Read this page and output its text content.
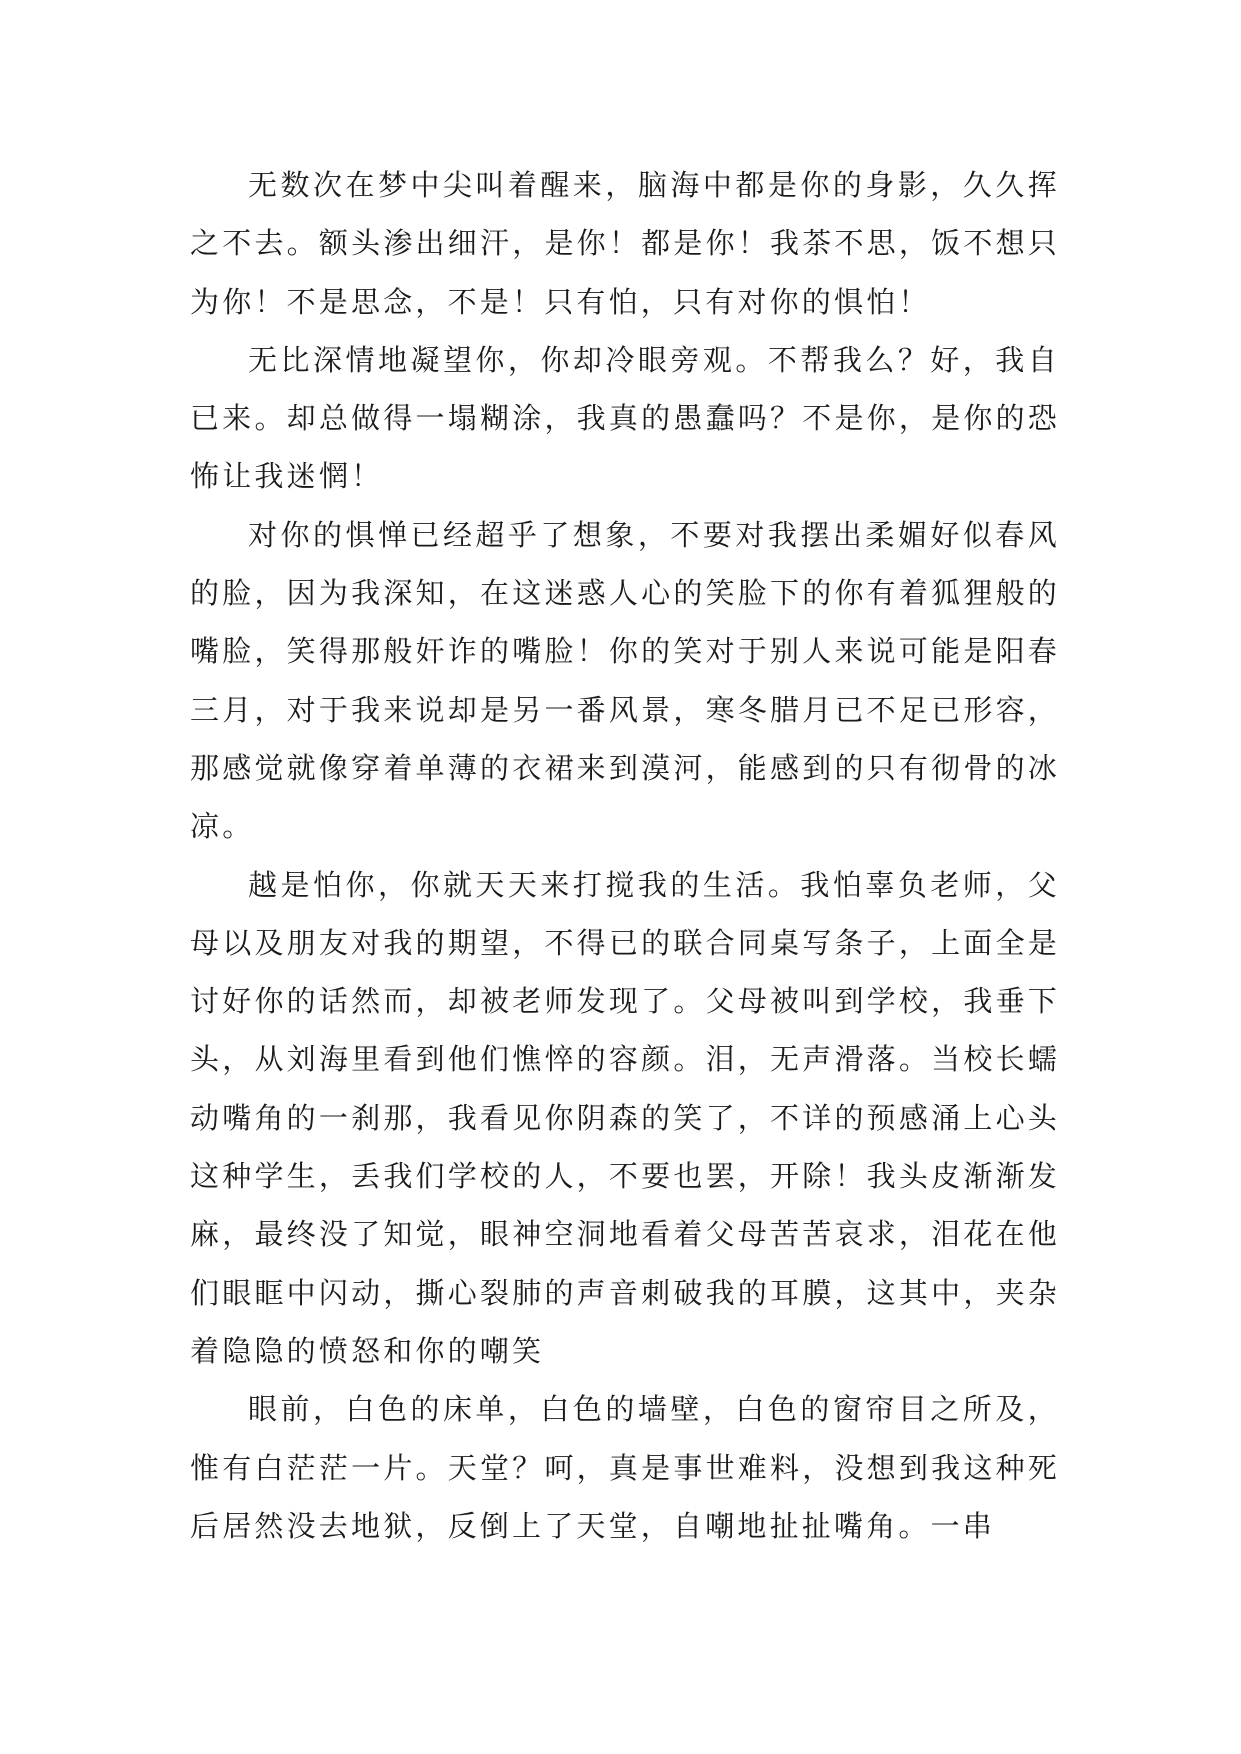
无数次在梦中尖叫着醒来，脑海中都是你的身影，久久挥之不去。额头渗出细汗，是你！都是你！我茶不思，饭不想只为你！不是思念，不是！只有怕，只有对你的惧怕！

无比深情地凝望你，你却冷眼旁观。不帮我么？好，我自已来。却总做得一塌糊涂，我真的愚蠢吗？不是你，是你的恐怖让我迷惘！

对你的惧惮已经超乎了想象，不要对我摆出柔媚好似春风的脸，因为我深知，在这迷惑人心的笑脸下的你有着狐狸般的嘴脸，笑得那般奸诈的嘴脸！你的笑对于别人来说可能是阳春三月，对于我来说却是另一番风景，寒冬腊月已不足已形容，那感觉就像穿着单薄的衣裙来到漠河，能感到的只有彻骨的冰凉。

越是怕你，你就天天来打搅我的生活。我怕辜负老师，父母以及朋友对我的期望，不得已的联合同桌写条子，上面全是讨好你的话然而，却被老师发现了。父母被叫到学校，我垂下头，从刘海里看到他们憔悴的容颜。泪，无声滑落。当校长蠕动嘴角的一刹那，我看见你阴森的笑了，不详的预感涌上心头这种学生，丢我们学校的人，不要也罢，开除！我头皮渐渐发麻，最终没了知觉，眼神空洞地看着父母苦苦哀求，泪花在他们眼眶中闪动，撕心裂肺的声音刺破我的耳膜，这其中，夹杂着隐隐的愤怒和你的嘲笑

眼前，白色的床单，白色的墙壁，白色的窗帘目之所及，惟有白茫茫一片。天堂？呵，真是事世难料，没想到我这种死后居然没去地狱，反倒上了天堂，自嘲地扯扯嘴角。一串
